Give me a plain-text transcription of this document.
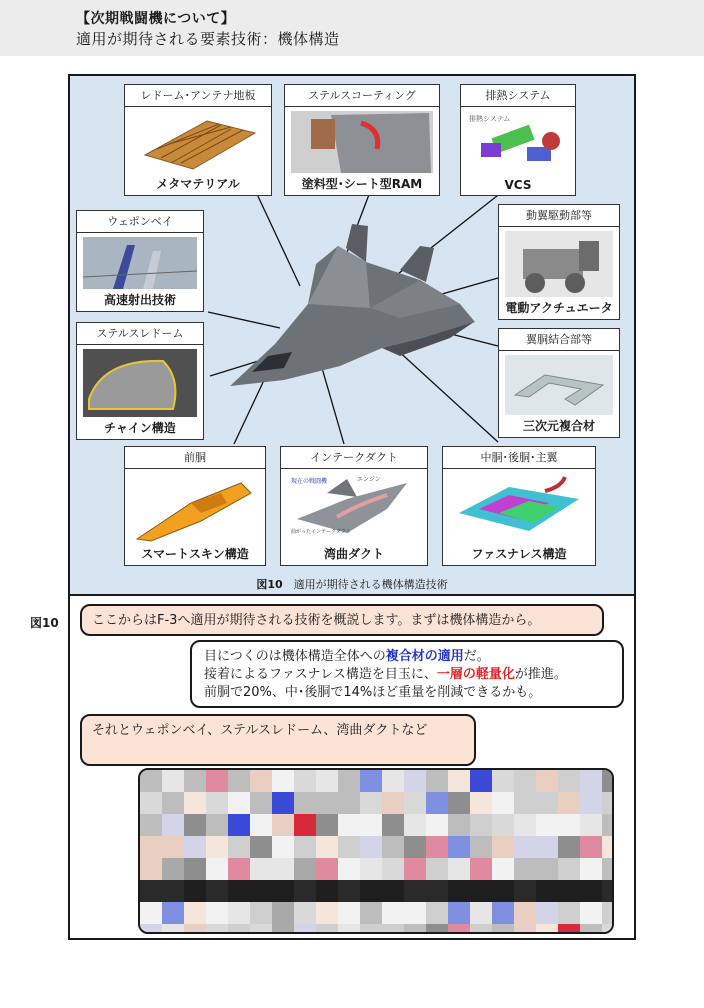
【次期戦闘機について】
適用が期待される要素技術：機体構造
レドーム･アンテナ地板
メタマテリアル
ステルスコーティング
塗料型･シート型RAM
排熱システム
排熱システム
VCS
ウェポンベイ
高速射出技術
動翼駆動部等
電動アクチュエータ
ステルスレドーム
チャイン構造
翼胴結合部等
三次元複合材
前胴
スマートスキン構造
インテークダクト
現在の戦闘機	エンジン
曲がったインテークダクト
湾曲ダクト
中胴･後胴･主翼
ファスナレス構造
図10　 適用が期待される機体構造技術
図10	ここからはF-3へ適用が期待される技術を概説します。まずは機体構造から。
目につくのは機体構造全体への複合材の適用だ。
接着によるファスナレス構造を目玉に、一層の軽量化が推進。
前胴で20%、中･後胴で14%ほど重量を削減できるかも。
それとウェポンベイ、ステルスレドーム、湾曲ダクトなど
